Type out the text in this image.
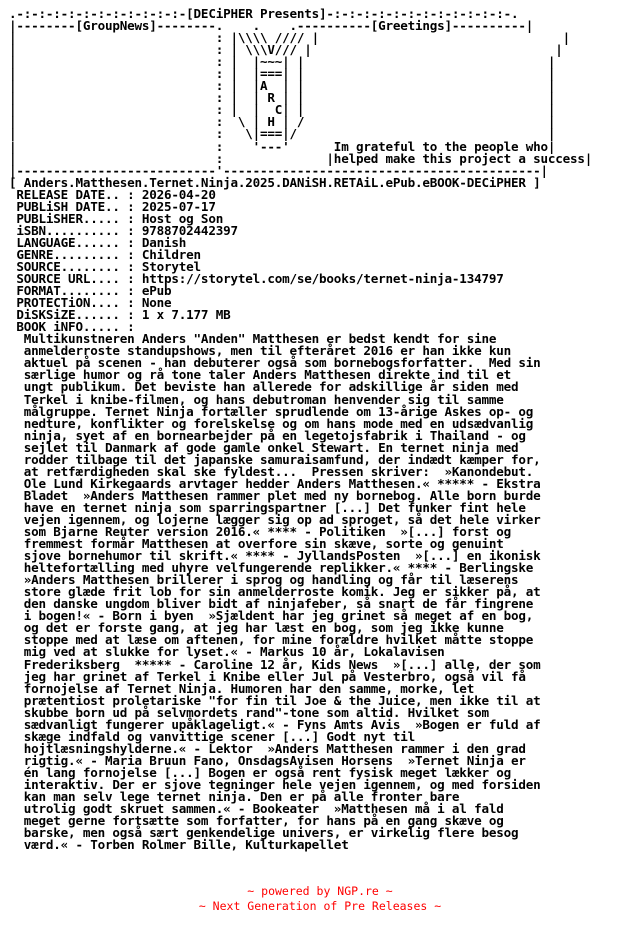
.-:-:-:-:-:-:-:-:-:-:-:-[DECiPHER Presents]-:-:-:-:-:-:-:-:-:-:-:-:-.
|--------[GroupNews]--------.    .    .----------[Greetings]----------|
|                           : |\\\\ //// |                                 |
|                           : | \\\V/// |                                 |
|                           : |  |~~~| |                                 |
|                           : |  |===| |                                 |
|                           : |  |A  | |                                 |
|                           : |  | R | |                                 |
|                           : |  |  C| |                                 |
|                           :  \ | H | /                                 |
|                           :   \|===|/                                  |
|                           :    '---'      Im grateful to the people who|
|                           :              |helped make this project a success|
|---------------------------'-------------------------------------------|
[ Anders.Matthesen.Ternet.Ninja.2025.DANiSH.RETAiL.ePub.eBOOK-DECiPHER ]
RELEASE DATE.. : 2026-04-20
PUBLiSH DATE.. : 2025-07-17
PUBLiSHER..... : Host og Son
iSBN.......... : 9788702442397
LANGUAGE...... : Danish
GENRE......... : Children
SOURCE........ : Storytel
SOURCE URL.... : https://storytel.com/se/books/ternet-ninja-134797
FORMAT........ : ePub
PROTECTiON.... : None
DiSKSiZE...... : 1 x 7.177 MB
BOOK iNFO..... :
Multikunstneren Anders "Anden" Matthesen er bedst kendt for sine
anmelderroste standupshows, men til efteråret 2016 er han ikke kun
aktuel på scenen - han debuterer også som bornebogsforfatter.  Med sin
særlige humor og rå tone taler Anders Matthesen direkte ind til et
ungt publikum. Det beviste han allerede for adskillige år siden med
Terkel i knibe-filmen, og hans debutroman henvender sig til samme
målgruppe. Ternet Ninja fortæller sprudlende om 13-årige Askes op- og
nedture, konflikter og forelskelse og om hans mode med en udsædvanlig
ninja, syet af en bornearbejder på en legetojsfabrik i Thailand - og
sejlet til Danmark af gode gamle onkel Stewart. En ternet ninja med
rodder tilbage til det japanske samuraisamfund, der indædt kæmper for,
at retfærdigheden skal ske fyldest...  Pressen skriver:  »Kanondebut.
Ole Lund Kirkegaards arvtager hedder Anders Matthesen.« ***** - Ekstra
Bladet  »Anders Matthesen rammer plet med ny bornebog. Alle born burde
have en ternet ninja som sparringspartner [...] Det funker fint hele
vejen igennem, og lojerne lægger sig op ad sproget, så det hele virker
som Bjarne Reuter version 2016.« **** - Politiken  »[...] forst og
fremmest formår Matthesen at overfore sin skæve, sorte og genuint
sjove bornehumor til skrift.« **** - JyllandsPosten  »[...] en ikonisk
heltefortælling med uhyre velfungerende replikker.« **** - Berlingske
»Anders Matthesen brillerer i sprog og handling og får til læserens
store glæde frit lob for sin anmelderroste komik. Jeg er sikker på, at
den danske ungdom bliver bidt af ninjafeber, så snart de får fingrene
i bogen!« - Born i byen  »Sjældent har jeg grinet så meget af en bog,
og det er forste gang, at jeg har læst en bog, som jeg ikke kunne
stoppe med at læse om aftenen, for mine forældre hvilket måtte stoppe
mig ved at slukke for lyset.« - Markus 10 år, Lokalavisen
Frederiksberg  ***** - Caroline 12 år, Kids News  »[...] alle, der som
jeg har grinet af Terkel i Knibe eller Jul på Vesterbro, også vil få
fornojelse af Ternet Ninja. Humoren har den samme, morke, let
prætentiost proletariske "for fin til Joe & the Juice, men ikke til at
skubbe born ud på selvmordets rand"-tone som altid. Hvilket som
sædvanligt fungerer upåklageligt.« - Fyns Amts Avis  »Bogen er fuld af
skæge indfald og vanvittige scener [...] Godt nyt til
hojtlæsningshylderne.« - Lektor  »Anders Matthesen rammer i den grad
rigtig.« - Maria Bruun Fano, OnsdagsAvisen Horsens  »Ternet Ninja er
én lang fornojelse [...] Bogen er også rent fysisk meget lækker og
interaktiv. Der er sjove tegninger hele vejen igennem, og med forsiden
kan man selv lege ternet ninja. Den er på alle fronter bare
utrolig godt skruet sammen.« - Bookeater  »Matthesen må i al fald
meget gerne fortsætte som forfatter, for hans på en gang skæve og
barske, men også sært genkendelige univers, er virkelig flere besog
værd.« - Torben Rolmer Bille, Kulturkapellet
~ powered by NGP.re ~
~ Next Generation of Pre Releases ~
